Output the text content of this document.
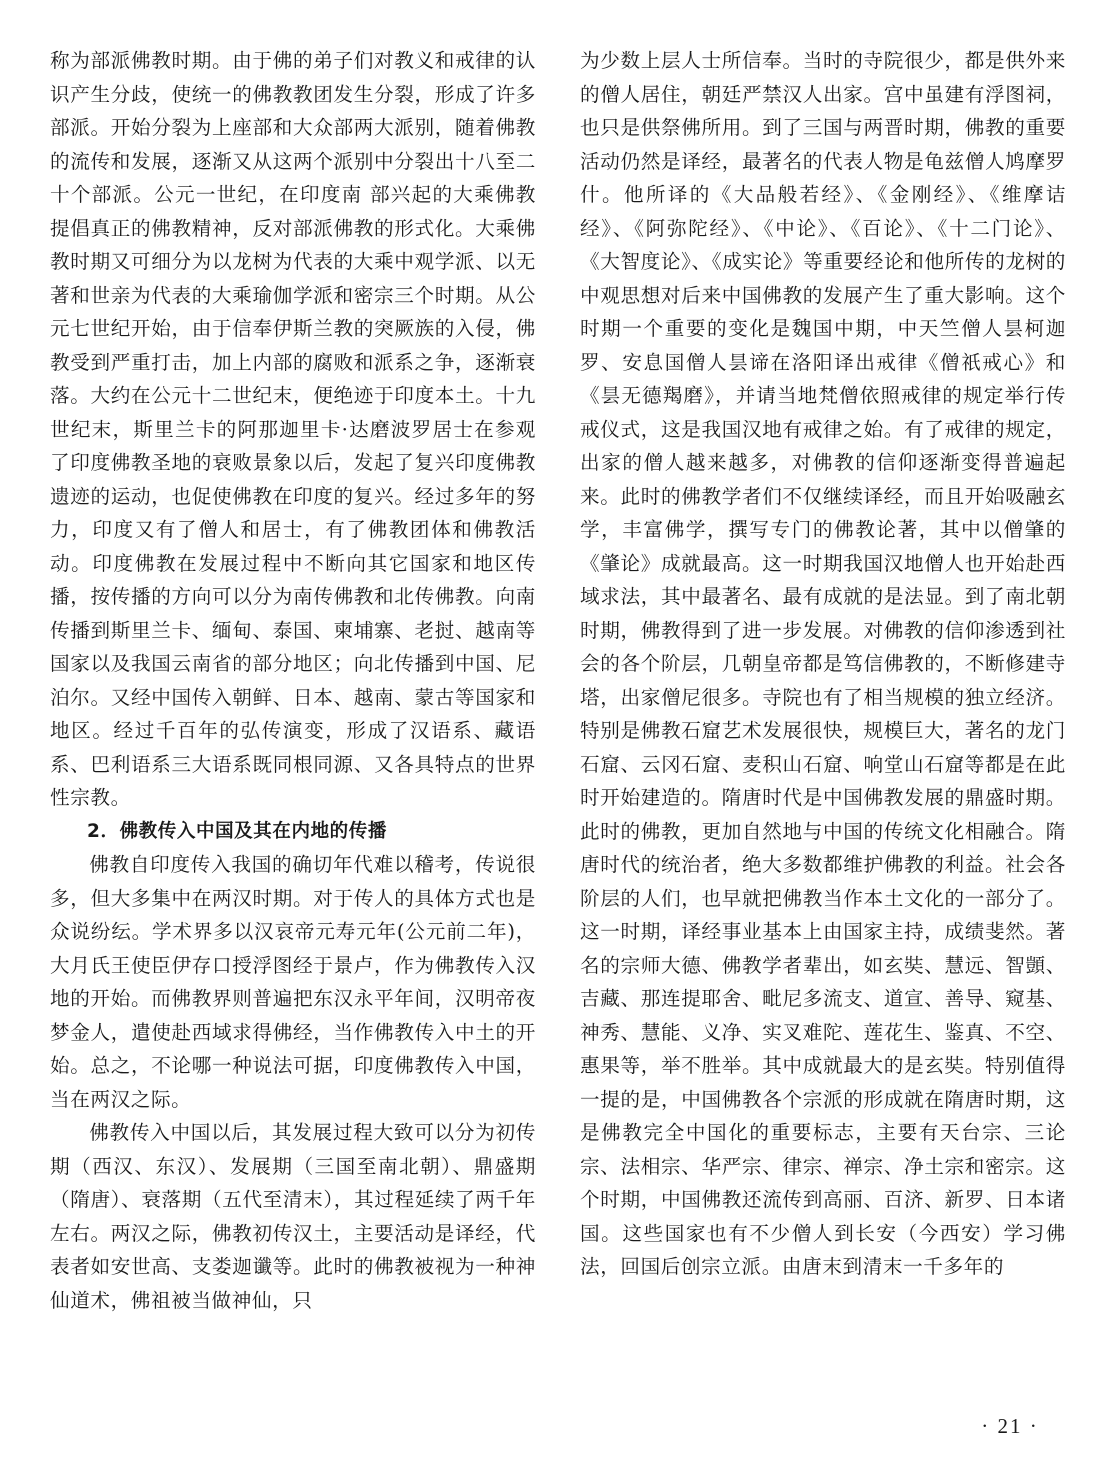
称为部派佛教时期。由于佛的弟子们对教义和戒律的认识产生分歧，使统一的佛教教团发生分裂，形成了许多部派。开始分裂为上座部和大众部两大派别，随着佛教的流传和发展，逐渐又从这两个派别中分裂出十八至二十个部派。公元一世纪，在印度南 部兴起的大乘佛教提倡真正的佛教精神，反对部派佛教的形式化。大乘佛教时期又可细分为以龙树为代表的大乘中观学派、以无著和世亲为代表的大乘瑜伽学派和密宗三个时期。从公元七世纪开始，由于信奉伊斯兰教的突厥族的入侵，佛教受到严重打击，加上内部的腐败和派系之争，逐渐衰落。大约在公元十二世纪末，便绝迹于印度本土。十九世纪末，斯里兰卡的阿那迦里卡·达磨波罗居士在参观了印度佛教圣地的衰败景象以后，发起了复兴印度佛教遗迹的运动，也促使佛教在印度的复兴。经过多年的努力，印度又有了僧人和居士，有了佛教团体和佛教活动。印度佛教在发展过程中不断向其它国家和地区传播，按传播的方向可以分为南传佛教和北传佛教。向南传播到斯里兰卡、缅甸、泰国、柬埔寨、老挝、越南等国家以及我国云南省的部分地区；向北传播到中国、尼泊尔。又经中国传入朝鲜、日本、越南、蒙古等国家和地区。经过千百年的弘传演变，形成了汉语系、藏语系、巴利语系三大语系既同根同源、又各具特点的世界性宗教。

2．佛教传入中国及其在内地的传播

佛教自印度传入我国的确切年代难以稽考，传说很多，但大多集中在两汉时期。对于传人的具体方式也是众说纷纭。学术界多以汉哀帝元寿元年(公元前二年)，大月氏王使臣伊存口授浮图经于景卢，作为佛教传入汉地的开始。而佛教界则普遍把东汉永平年间，汉明帝夜梦金人，遣使赴西域求得佛经，当作佛教传入中土的开始。总之，不论哪一种说法可据，印度佛教传入中国，当在两汉之际。

佛教传入中国以后，其发展过程大致可以分为初传期（西汉、东汉）、发展期（三国至南北朝）、鼎盛期（隋唐）、衰落期（五代至清末），其过程延续了两千年左右。两汉之际，佛教初传汉土，主要活动是译经，代表者如安世高、支娄迦谶等。此时的佛教被视为一种神仙道术，佛祖被当做神仙，只

为少数上层人士所信奉。当时的寺院很少，都是供外来的僧人居住，朝廷严禁汉人出家。宫中虽建有浮图祠，也只是供祭佛所用。到了三国与两晋时期，佛教的重要活动仍然是译经，最著名的代表人物是龟兹僧人鸠摩罗什。他所译的《大品般若经》、《金刚经》、《维摩诘经》、《阿弥陀经》、《中论》、《百论》、《十二门论》、《大智度论》、《成实论》等重要经论和他所传的龙树的中观思想对后来中国佛教的发展产生了重大影响。这个时期一个重要的变化是魏国中期，中天竺僧人昙柯迦罗、安息国僧人昙谛在洛阳译出戒律《僧祇戒心》和《昙无德羯磨》，并请当地梵僧依照戒律的规定举行传戒仪式，这是我国汉地有戒律之始。有了戒律的规定，出家的僧人越来越多，对佛教的信仰逐渐变得普遍起来。此时的佛教学者们不仅继续译经，而且开始吸融玄学，丰富佛学，撰写专门的佛教论著，其中以僧肇的《肇论》成就最高。这一时期我国汉地僧人也开始赴西域求法，其中最著名、最有成就的是法显。到了南北朝时期，佛教得到了进一步发展。对佛教的信仰渗透到社会的各个阶层，几朝皇帝都是笃信佛教的，不断修建寺塔，出家僧尼很多。寺院也有了相当规模的独立经济。特别是佛教石窟艺术发展很快，规模巨大，著名的龙门石窟、云冈石窟、麦积山石窟、响堂山石窟等都是在此时开始建造的。隋唐时代是中国佛教发展的鼎盛时期。此时的佛教，更加自然地与中国的传统文化相融合。隋唐时代的统治者，绝大多数都维护佛教的利益。社会各阶层的人们，也早就把佛教当作本土文化的一部分了。这一时期，译经事业基本上由国家主持，成绩斐然。著名的宗师大德、佛教学者辈出，如玄奘、慧远、智顗、吉藏、那连提耶舍、毗尼多流支、道宣、善导、窥基、神秀、慧能、义净、实叉难陀、莲花生、鉴真、不空、惠果等，举不胜举。其中成就最大的是玄奘。特别值得一提的是，中国佛教各个宗派的形成就在隋唐时期，这是佛教完全中国化的重要标志，主要有天台宗、三论宗、法相宗、华严宗、律宗、禅宗、净土宗和密宗。这个时期，中国佛教还流传到高丽、百济、新罗、日本诸国。这些国家也有不少僧人到长安（今西安）学习佛法，回国后创宗立派。由唐末到清末一千多年的

· 21 ·
